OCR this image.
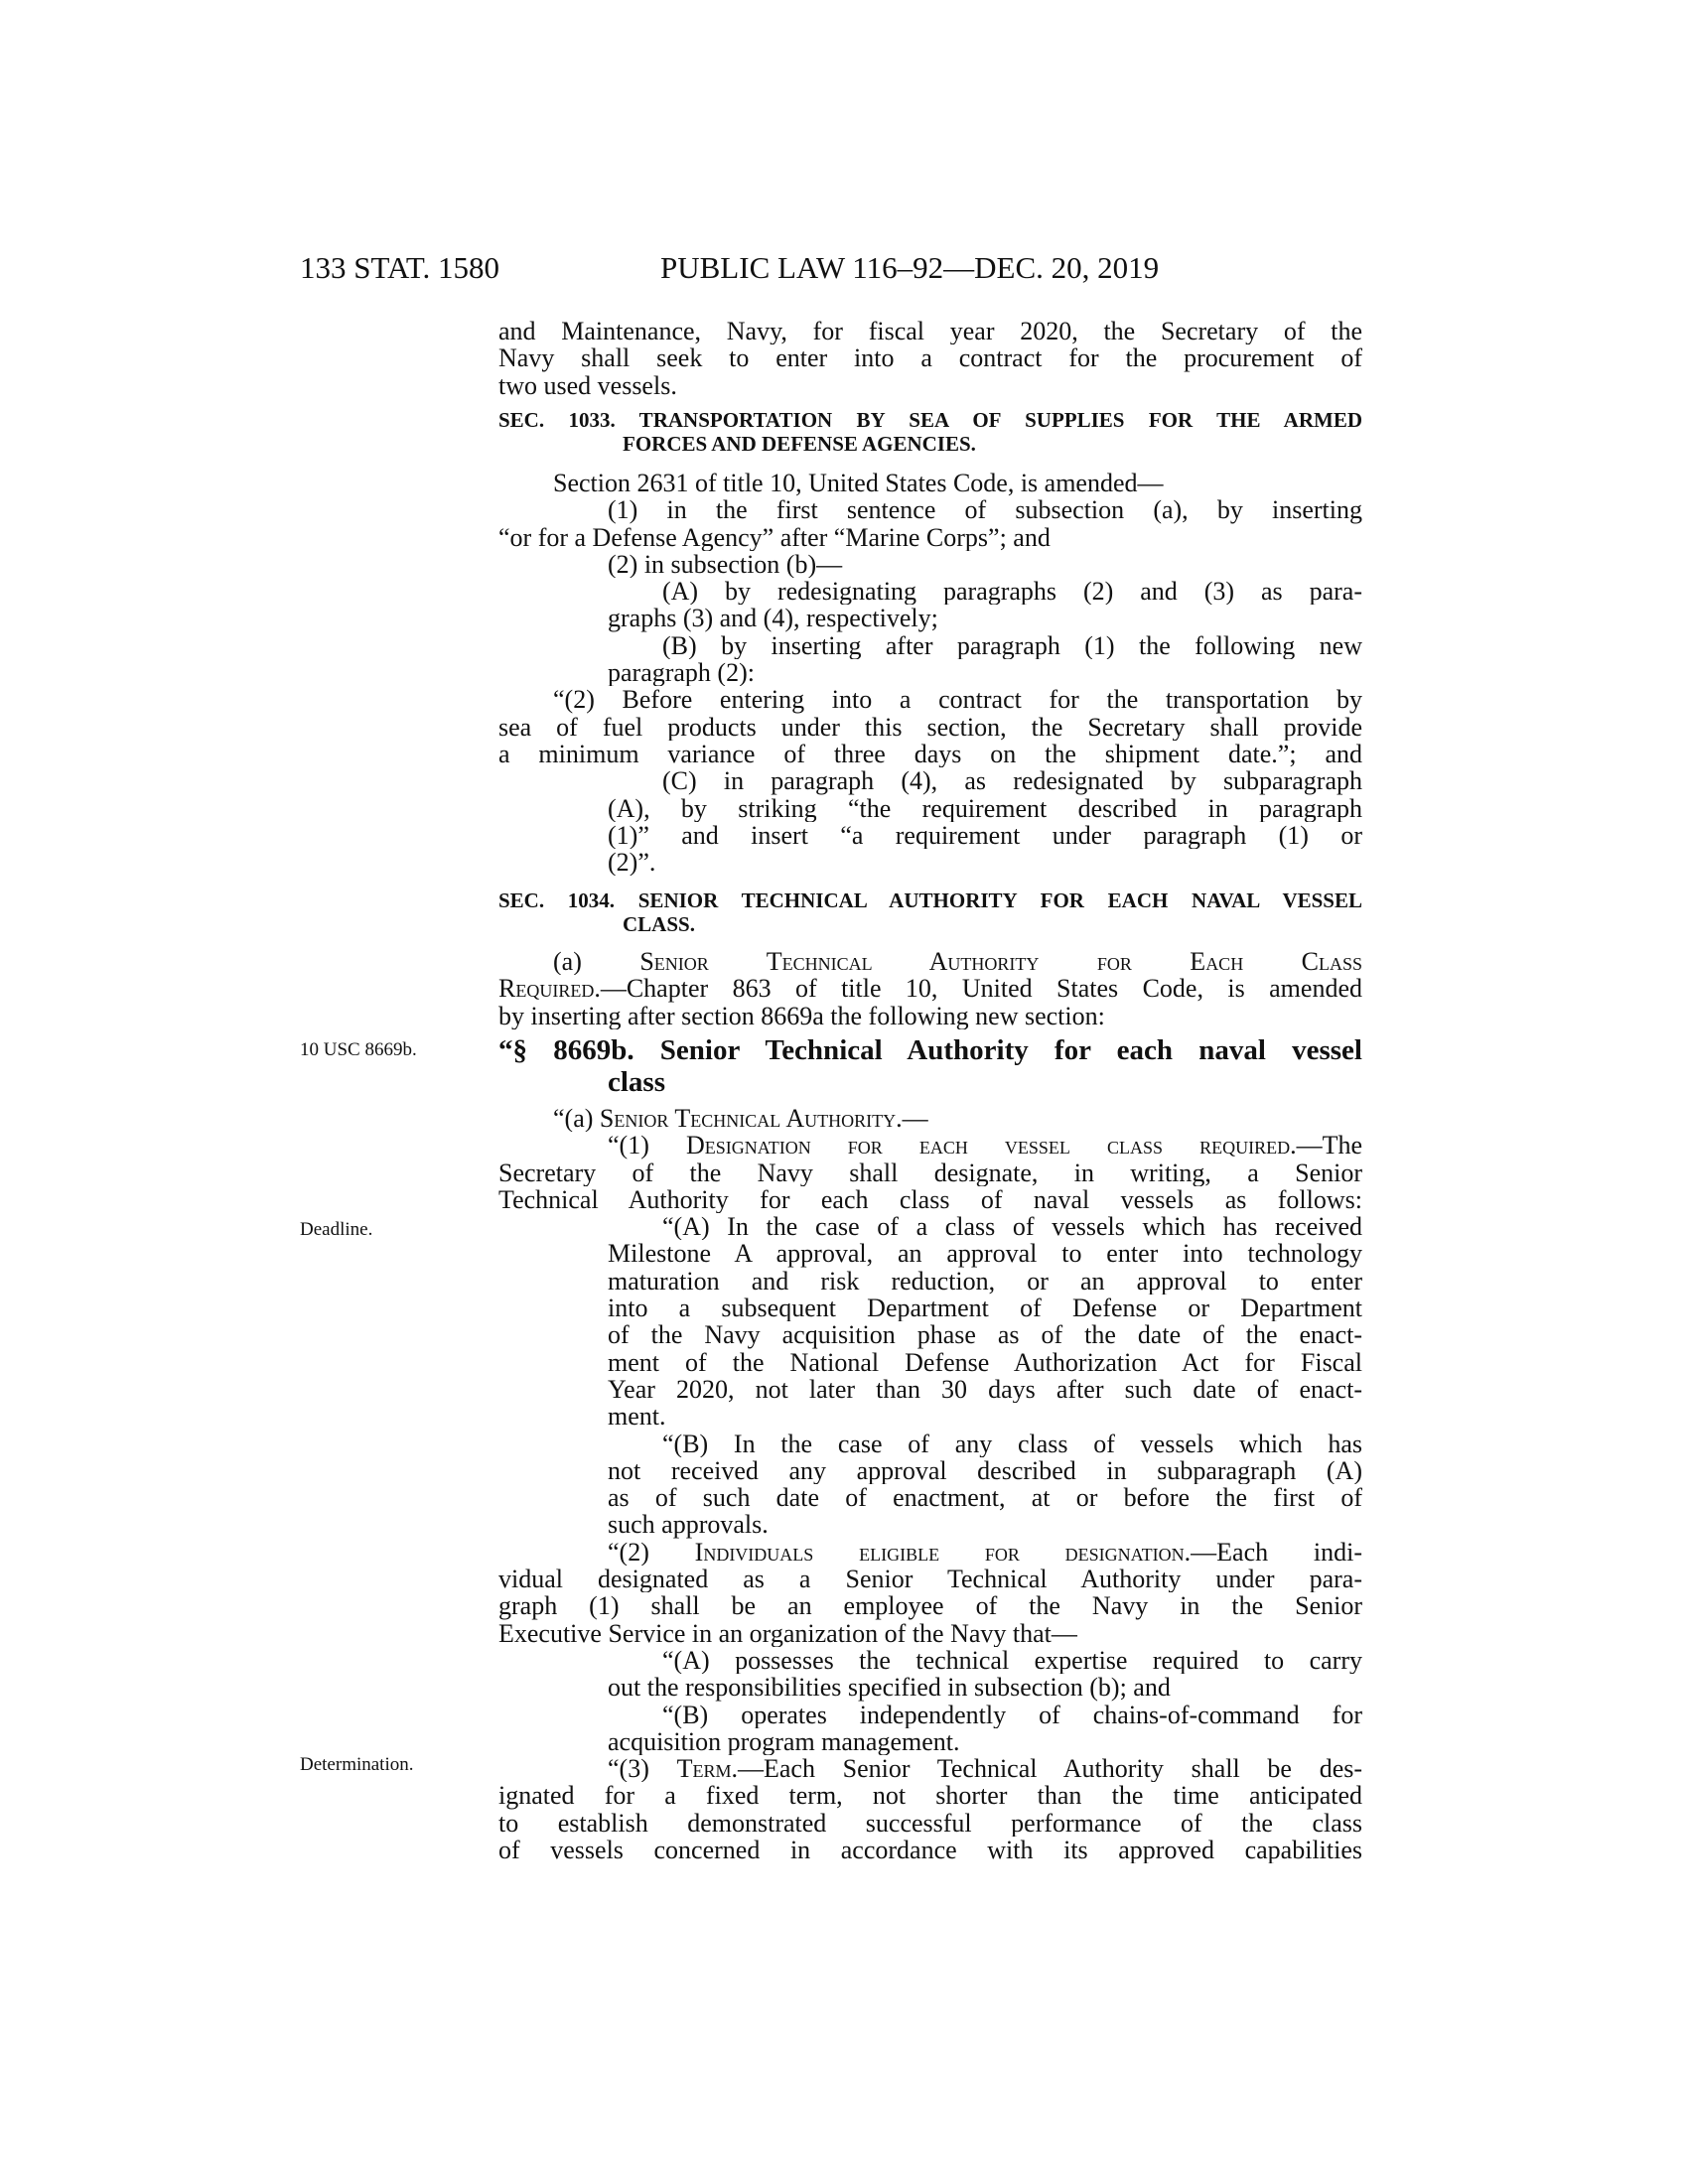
133 STAT. 1580	PUBLIC LAW 116–92—DEC. 20, 2019
10 USC 8669b.
Deadline.
Determination.
and Maintenance, Navy, for fiscal year 2020, the Secretary of the
Navy shall seek to enter into a contract for the procurement of
two used vessels.
SEC. 1033. TRANSPORTATION BY SEA OF SUPPLIES FOR THE ARMED
FORCES AND DEFENSE AGENCIES.
Section 2631 of title 10, United States Code, is amended—
(1) in the first sentence of subsection (a), by inserting
“or for a Defense Agency” after “Marine Corps”; and
(2) in subsection (b)—
(A) by redesignating paragraphs (2) and (3) as para-
graphs (3) and (4), respectively;
(B) by inserting after paragraph (1) the following new
paragraph (2):
“(2) Before entering into a contract for the transportation by
sea of fuel products under this section, the Secretary shall provide
a minimum variance of three days on the shipment date.”; and
(C) in paragraph (4), as redesignated by subparagraph
(A), by striking “the requirement described in paragraph
(1)” and insert “a requirement under paragraph (1) or
(2)”.
SEC. 1034. SENIOR TECHNICAL AUTHORITY FOR EACH NAVAL VESSEL
CLASS.
(a) Senior Technical Authority for Each Class
Required.—Chapter 863 of title 10, United States Code, is amended
by inserting after section 8669a the following new section:
“§ 8669b. Senior Technical Authority for each naval vessel
class
“(a) Senior Technical Authority.—
“(1) Designation for each vessel class required.—The
Secretary of the Navy shall designate, in writing, a Senior
Technical Authority for each class of naval vessels as follows:
“(A) In the case of a class of vessels which has received
Milestone A approval, an approval to enter into technology
maturation and risk reduction, or an approval to enter
into a subsequent Department of Defense or Department
of the Navy acquisition phase as of the date of the enact-
ment of the National Defense Authorization Act for Fiscal
Year 2020, not later than 30 days after such date of enact-
ment.
“(B) In the case of any class of vessels which has
not received any approval described in subparagraph (A)
as of such date of enactment, at or before the first of
such approvals.
“(2) Individuals eligible for designation.—Each indi-
vidual designated as a Senior Technical Authority under para-
graph (1) shall be an employee of the Navy in the Senior
Executive Service in an organization of the Navy that—
“(A) possesses the technical expertise required to carry
out the responsibilities specified in subsection (b); and
“(B) operates independently of chains-of-command for
acquisition program management.
“(3) Term.—Each Senior Technical Authority shall be des-
ignated for a fixed term, not shorter than the time anticipated
to establish demonstrated successful performance of the class
of vessels concerned in accordance with its approved capabilities
